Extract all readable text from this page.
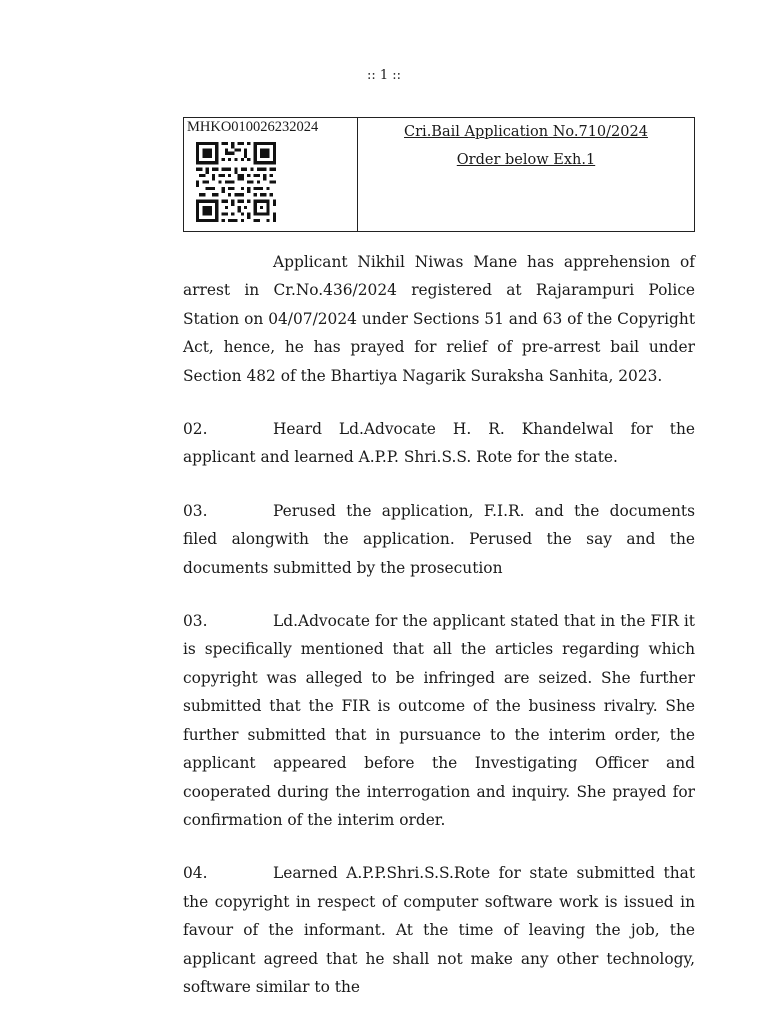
:: 1 ::
MHKO010026232024	Cri.Bail Application No.710/2024
Order below Exh.1

Applicant Nikhil Niwas Mane has apprehension of arrest in Cr.No.436/2024 registered at Rajarampuri Police Station on 04/07/2024 under Sections 51 and 63 of the Copyright Act, hence, he has prayed for relief of pre-arrest bail under Section 482 of the Bhartiya Nagarik Suraksha Sanhita, 2023.

02.	Heard Ld.Advocate H. R. Khandelwal for the applicant and learned A.P.P. Shri.S.S. Rote for the state.

03.	Perused the application, F.I.R. and the documents filed alongwith the application. Perused the say and the documents submitted by the prosecution

03.	Ld.Advocate for the applicant stated that in the FIR it is specifically mentioned that all the articles regarding which copyright was alleged to be infringed are seized. She further submitted that the FIR is outcome of the business rivalry. She further submitted that in pursuance to the interim order, the applicant appeared before the Investigating Officer and cooperated during the interrogation and inquiry. She prayed for confirmation of the interim order.

04.	Learned A.P.P.Shri.S.S.Rote for state submitted that the copyright in respect of computer software work is issued in favour of the informant. At the time of leaving the job, the applicant agreed that he shall not make any other technology, software similar to the
